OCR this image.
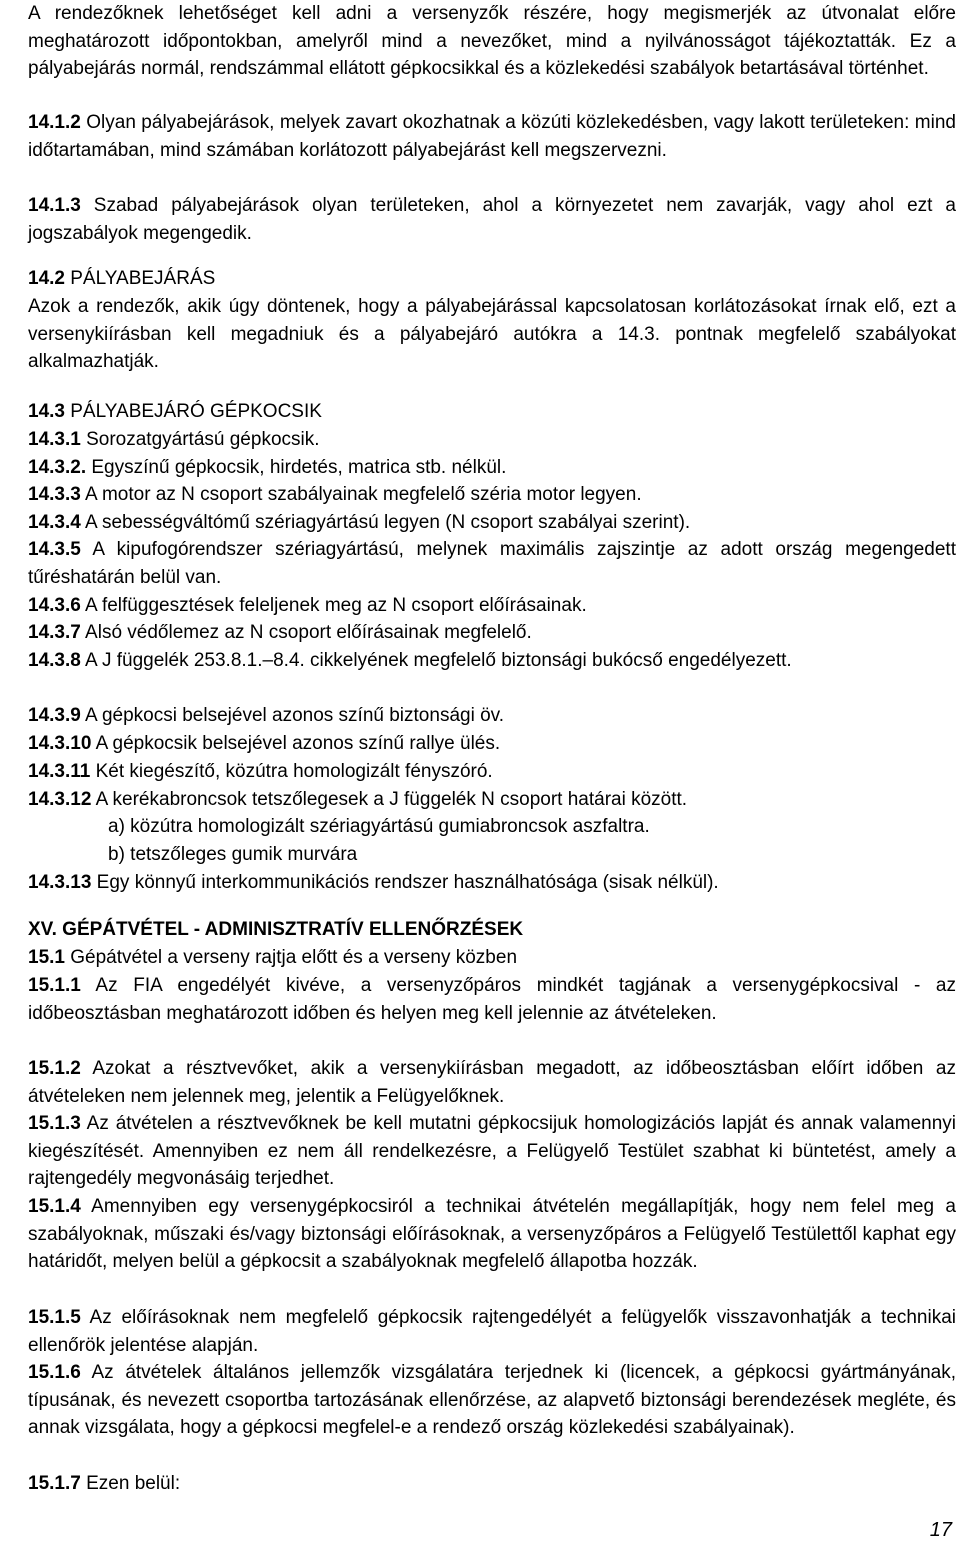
A rendezőknek lehetőséget kell adni a versenyzők részére, hogy megismerjék az útvonalat előre meghatározott időpontokban, amelyről mind a nevezőket, mind a nyilvánosságot tájékoztatták. Ez a pályabejárás normál, rendszámmal ellátott gépkocsikkal és a közlekedési szabályok betartásával történhet.

14.1.2 Olyan pályabejárások, melyek zavart okozhatnak a közúti közlekedésben, vagy lakott területeken: mind időtartamában, mind számában korlátozott pályabejárást kell megszervezni.

14.1.3 Szabad pályabejárások olyan területeken, ahol a környezetet nem zavarják, vagy ahol ezt a jogszabályok megengedik.

14.2 PÁLYABEJÁRÁS

Azok a rendezők, akik úgy döntenek, hogy a pályabejárással kapcsolatosan korlátozásokat írnak elő, ezt a versenykiírásban kell megadniuk és a pályabejáró autókra a 14.3. pontnak megfelelő szabályokat alkalmazhatják.

14.3 PÁLYABEJÁRÓ GÉPKOCSIK

14.3.1 Sorozatgyártású gépkocsik.

14.3.2. Egyszínű gépkocsik, hirdetés, matrica stb. nélkül.

14.3.3 A motor az N csoport szabályainak megfelelő széria motor legyen.

14.3.4 A sebességváltómű szériagyártású legyen (N csoport szabályai szerint).

14.3.5 A kipufogórendszer szériagyártású, melynek maximális zajszintje az adott ország megengedett tűréshatárán belül van.

14.3.6 A felfüggesztések feleljenek meg az N csoport előírásainak.

14.3.7 Alsó védőlemez az N csoport előírásainak megfelelő.

14.3.8 A J függelék 253.8.1.–8.4. cikkelyének megfelelő biztonsági bukócső engedélyezett.

14.3.9 A gépkocsi belsejével azonos színű biztonsági öv.

14.3.10 A gépkocsik belsejével azonos színű rallye ülés.

14.3.11 Két kiegészítő, közútra homologizált fényszóró.

14.3.12 A kerékabroncsok tetszőlegesek a J függelék N csoport határai között.

a) közútra homologizált szériagyártású gumiabroncsok aszfaltra.

b) tetszőleges gumik murvára

14.3.13 Egy könnyű interkommunikációs rendszer használhatósága (sisak nélkül).

XV. GÉPÁTVÉTEL - ADMINISZTRATÍV ELLENŐRZÉSEK

15.1 Gépátvétel a verseny rajtja előtt és a verseny közben

15.1.1 Az FIA engedélyét kivéve, a versenyzőpáros mindkét tagjának a versenygépkocsival - az időbeosztásban meghatározott időben és helyen meg kell jelennie az átvételeken.

15.1.2 Azokat a résztvevőket, akik a versenykiírásban megadott, az időbeosztásban előírt időben az átvételeken nem jelennek meg, jelentik a Felügyelőknek.

15.1.3 Az átvételen a résztvevőknek be kell mutatni gépkocsijuk homologizációs lapját és annak valamennyi kiegészítését. Amennyiben ez nem áll rendelkezésre, a Felügyelő Testület szabhat ki büntetést, amely a rajtengedély megvonásáig terjedhet.

15.1.4 Amennyiben egy versenygépkocsiról a technikai átvételén megállapítják, hogy nem felel meg a szabályoknak, műszaki és/vagy biztonsági előírásoknak, a versenyzőpáros a Felügyelő Testülettől kaphat egy határidőt, melyen belül a gépkocsit a szabályoknak megfelelő állapotba hozzák.

15.1.5 Az előírásoknak nem megfelelő gépkocsik rajtengedélyét a felügyelők visszavonhatják a technikai ellenőrök jelentése alapján.

15.1.6 Az átvételek általános jellemzők vizsgálatára terjednek ki (licencek, a gépkocsi gyártmányának, típusának, és nevezett csoportba tartozásának ellenőrzése, az alapvető biztonsági berendezések megléte, és annak vizsgálata, hogy a gépkocsi megfelel-e a rendező ország közlekedési szabályainak).

15.1.7 Ezen belül:

17
